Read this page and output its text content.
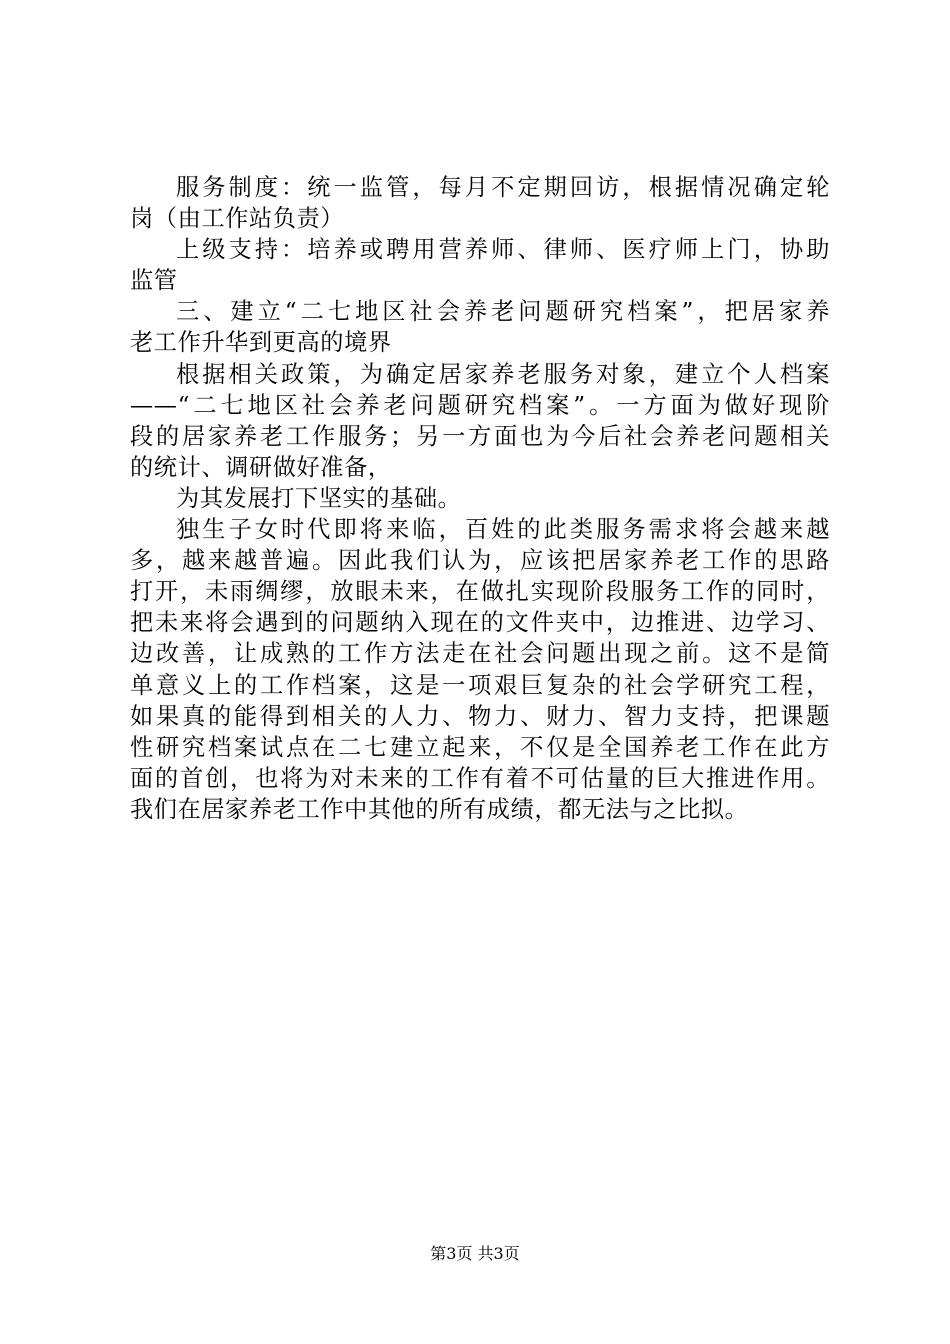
服务制度：统一监管，每月不定期回访，根据情况确定轮
岗（由工作站负责）
上级支持：培养或聘用营养师、律师、医疗师上门，协助
监管
三、建立“二七地区社会养老问题研究档案”，把居家养
老工作升华到更高的境界
根据相关政策，为确定居家养老服务对象，建立个人档案
——“二七地区社会养老问题研究档案”。一方面为做好现阶
段的居家养老工作服务；另一方面也为今后社会养老问题相关
的统计、调研做好准备，
为其发展打下坚实的基础。
独生子女时代即将来临，百姓的此类服务需求将会越来越
多，越来越普遍。因此我们认为，应该把居家养老工作的思路
打开，未雨绸缪，放眼未来，在做扎实现阶段服务工作的同时，
把未来将会遇到的问题纳入现在的文件夹中，边推进、边学习、
边改善，让成熟的工作方法走在社会问题出现之前。这不是简
单意义上的工作档案，这是一项艰巨复杂的社会学研究工程，
如果真的能得到相关的人力、物力、财力、智力支持，把课题
性研究档案试点在二七建立起来，不仅是全国养老工作在此方
面的首创，也将为对未来的工作有着不可估量的巨大推进作用。
我们在居家养老工作中其他的所有成绩，都无法与之比拟。
第3页 共3页
